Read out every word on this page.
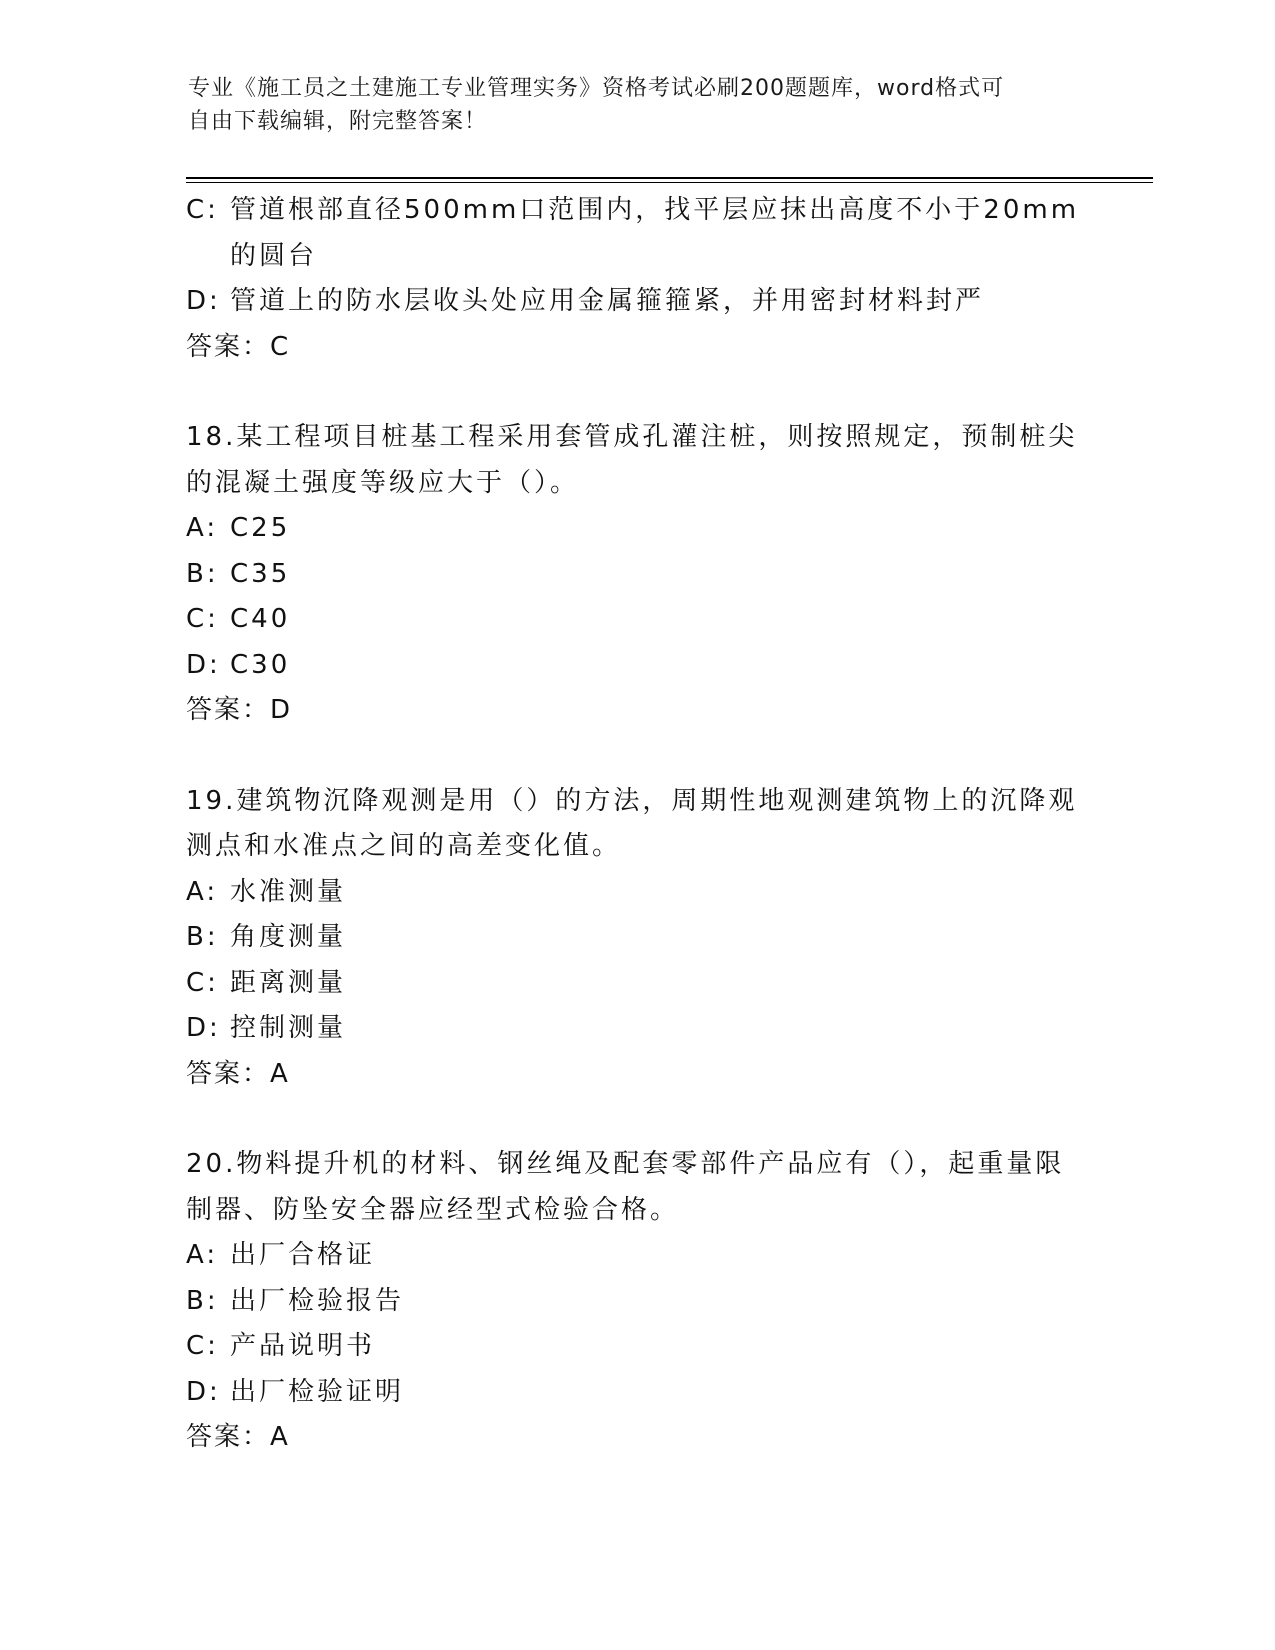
专业《施工员之土建施工专业管理实务》资格考试必刷200题题库，word格式可
自由下载编辑，附完整答案！
C: 管道根部直径500mm口范围内，找平层应抹出高度不小于20mm的圆台
D: 管道上的防水层收头处应用金属箍箍紧，并用密封材料封严
答案：C
18.某工程项目桩基工程采用套管成孔灌注桩，则按照规定，预制桩尖的混凝土强度等级应大于（）。
A: C25
B: C35
C: C40
D: C30
答案：D
19.建筑物沉降观测是用（）的方法，周期性地观测建筑物上的沉降观测点和水准点之间的高差变化值。
A: 水准测量
B: 角度测量
C: 距离测量
D: 控制测量
答案：A
20.物料提升机的材料、钢丝绳及配套零部件产品应有（），起重量限制器、防坠安全器应经型式检验合格。
A: 出厂合格证
B: 出厂检验报告
C: 产品说明书
D: 出厂检验证明
答案：A
